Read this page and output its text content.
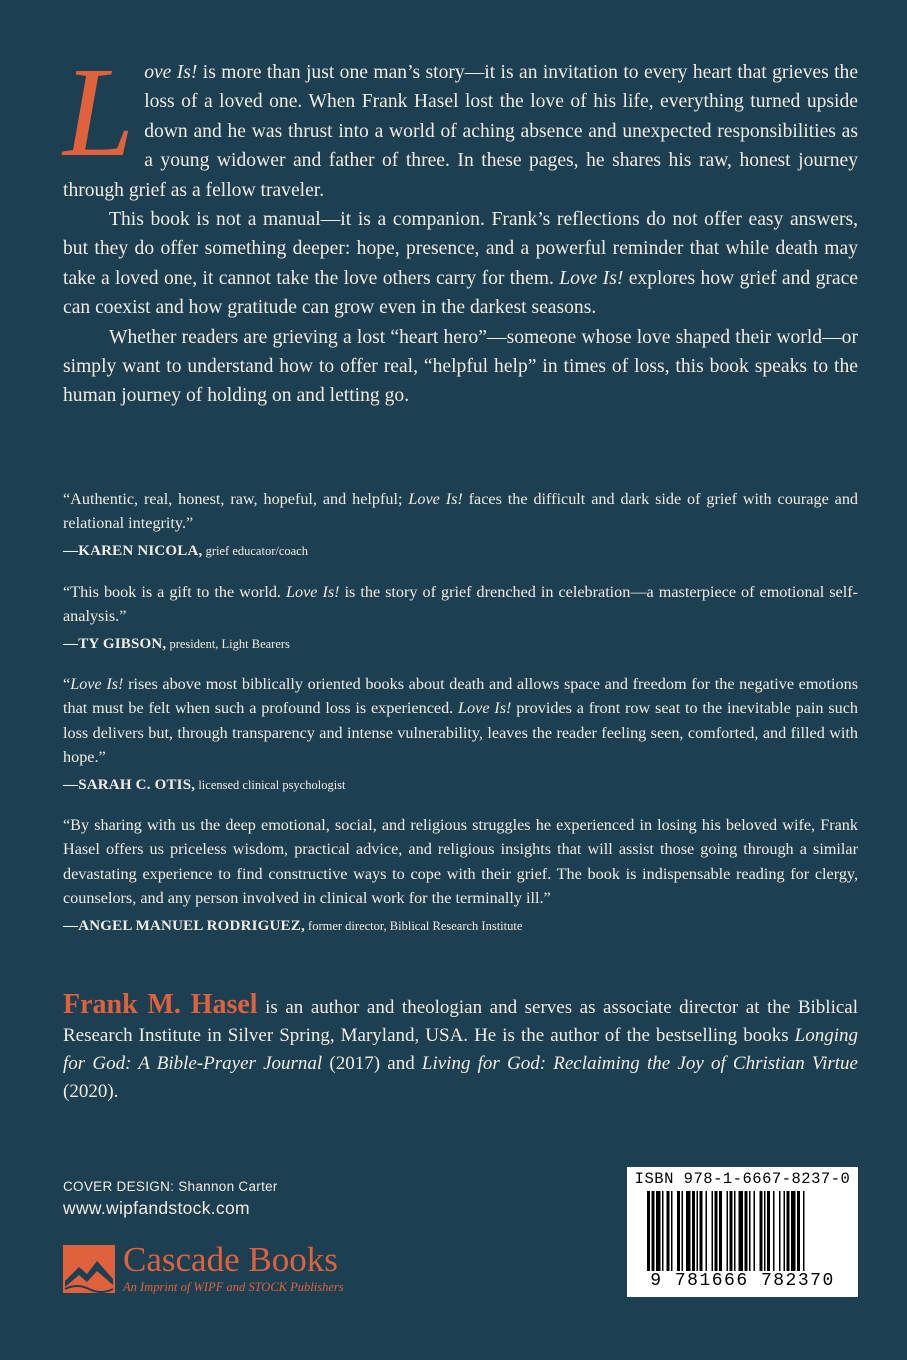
Love Is! is more than just one man’s story—it is an invitation to every heart that grieves the loss of a loved one. When Frank Hasel lost the love of his life, everything turned upside down and he was thrust into a world of aching absence and unexpected responsibilities as a young widower and father of three. In these pages, he shares his raw, honest journey through grief as a fellow traveler.

This book is not a manual—it is a companion. Frank’s reflections do not offer easy answers, but they do offer something deeper: hope, presence, and a powerful reminder that while death may take a loved one, it cannot take the love others carry for them. Love Is! explores how grief and grace can coexist and how gratitude can grow even in the darkest seasons.

Whether readers are grieving a lost “heart hero”—someone whose love shaped their world—or simply want to understand how to offer real, “helpful help” in times of loss, this book speaks to the human journey of holding on and letting go.

“Authentic, real, honest, raw, hopeful, and helpful; Love Is! faces the difficult and dark side of grief with courage and relational integrity.”

—KAREN NICOLA, grief educator/coach

“This book is a gift to the world. Love Is! is the story of grief drenched in celebration—a masterpiece of emotional self-analysis.”

—TY GIBSON, president, Light Bearers

“Love Is! rises above most biblically oriented books about death and allows space and freedom for the negative emotions that must be felt when such a profound loss is experienced. Love Is! provides a front row seat to the inevitable pain such loss delivers but, through transparency and intense vulnerability, leaves the reader feeling seen, comforted, and filled with hope.”

—SARAH C. OTIS, licensed clinical psychologist

“By sharing with us the deep emotional, social, and religious struggles he experienced in losing his beloved wife, Frank Hasel offers us priceless wisdom, practical advice, and religious insights that will assist those going through a similar devastating experience to find constructive ways to cope with their grief. The book is indispensable reading for clergy, counselors, and any person involved in clinical work for the terminally ill.”

—ANGEL MANUEL RODRIGUEZ, former director, Biblical Research Institute

Frank M. Hasel is an author and theologian and serves as associate director at the Biblical Research Institute in Silver Spring, Maryland, USA. He is the author of the bestselling books Longing for God: A Bible-Prayer Journal (2017) and Living for God: Reclaiming the Joy of Christian Virtue (2020).
COVER DESIGN: Shannon Carter
www.wipfandstock.com
Cascade Books
An Imprint of WIPF and STOCK Publishers
ISBN 978-1-6667-8237-0
9 781666 782370
